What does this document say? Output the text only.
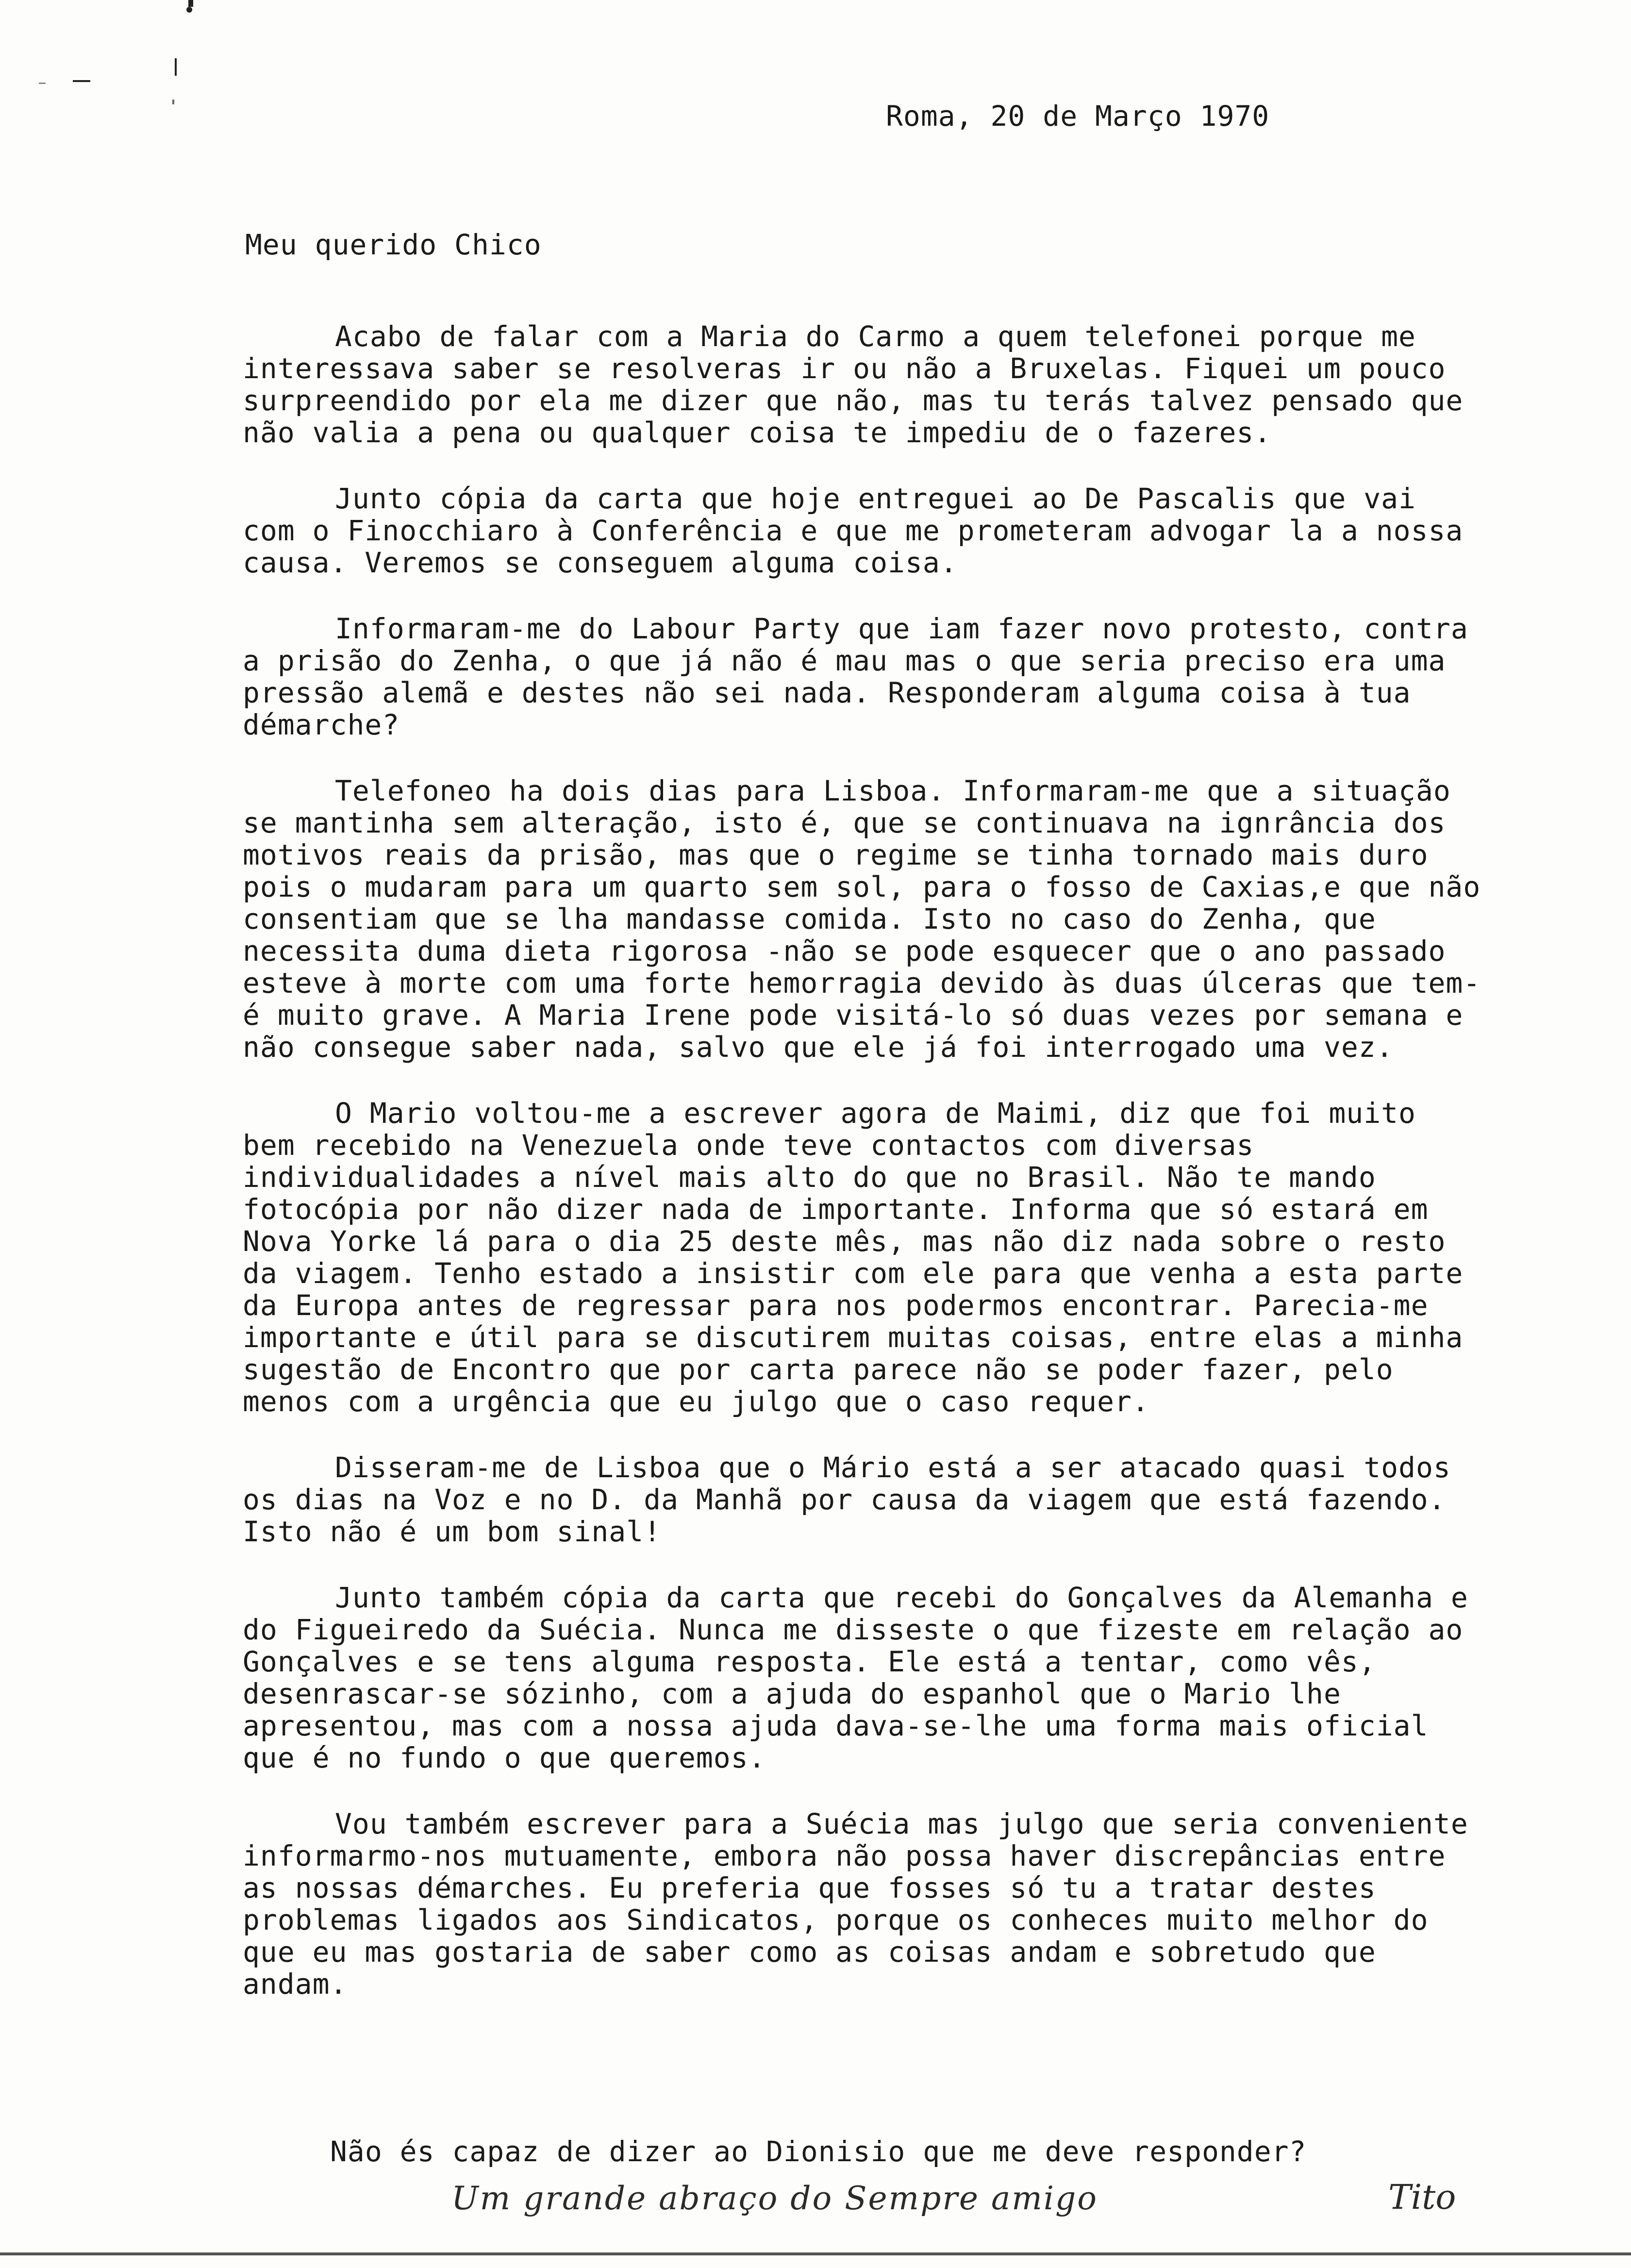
Roma, 20 de Março 1970
Meu querido Chico

Acabo de falar com a Maria do Carmo a quem telefonei porque me interessava saber se resolveras ir ou não a Bruxelas. Fiquei um pouco surpreendido por ela me dizer que não, mas tu terás talvez pensado que não valia a pena ou qualquer coisa te impediu de o fazeres.

Junto cópia da carta que hoje entreguei ao De Pascalis que vai com o Finocchiaro à Conferência e que me prometeram advogar la a nossa causa. Veremos se conseguem alguma coisa.

Informaram-me do Labour Party que iam fazer novo protesto, contra a prisão do Zenha, o que já não é mau mas o que seria preciso era uma pressão alemã e destes não sei nada. Responderam alguma coisa à tua démarche?

Telefoneo ha dois dias para Lisboa. Informaram-me que a situação se mantinha sem alteração, isto é, que se continuava na ignrância dos motivos reais da prisão, mas que o regime se tinha tornado mais duro pois o mudaram para um quarto sem sol, para o fosso de Caxias,e que não consentiam que se lha mandasse comida. Isto no caso do Zenha, que necessita duma dieta rigorosa -não se pode esquecer que o ano passado esteve à morte com uma forte hemorragia devido às duas úlceras que tem- é muito grave. A Maria Irene pode visitá-lo só duas vezes por semana e não consegue saber nada, salvo que ele já foi interrogado uma vez.

O Mario voltou-me a escrever agora de Maimi, diz que foi muito bem recebido na Venezuela onde teve contactos com diversas individualidades a nível mais alto do que no Brasil. Não te mando fotocópia por não dizer nada de importante. Informa que só estará em Nova Yorke lá para o dia 25 deste mês, mas não diz nada sobre o resto da viagem. Tenho estado a insistir com ele para que venha a esta parte da Europa antes de regressar para nos podermos encontrar. Parecia-me importante e útil para se discutirem muitas coisas, entre elas a minha sugestão de Encontro que por carta parece não se poder fazer, pelo menos com a urgência que eu julgo que o caso requer.

Disseram-me de Lisboa que o Mário está a ser atacado quasi todos os dias na Voz e no D. da Manhã por causa da viagem que está fazendo. Isto não é um bom sinal!

Junto também cópia da carta que recebi do Gonçalves da Alemanha e do Figueiredo da Suécia. Nunca me disseste o que fizeste em relação ao Gonçalves e se tens alguma resposta. Ele está a tentar, como vês, desenrascar-se sózinho, com a ajuda do espanhol que o Mario lhe apresentou, mas com a nossa ajuda dava-se-lhe uma forma mais oficial que é no fundo o que queremos.

Vou também escrever para a Suécia mas julgo que seria conveniente informarmo-nos mutuamente, embora não possa haver discrepâncias entre as nossas démarches. Eu preferia que fosses só tu a tratar destes problemas ligados aos Sindicatos, porque os conheces muito melhor do que eu mas gostaria de saber como as coisas andam e sobretudo que andam.

Não és capaz de dizer ao Dionisio que me deve responder?
Um grande abraço do Sempre amigo	Tito
